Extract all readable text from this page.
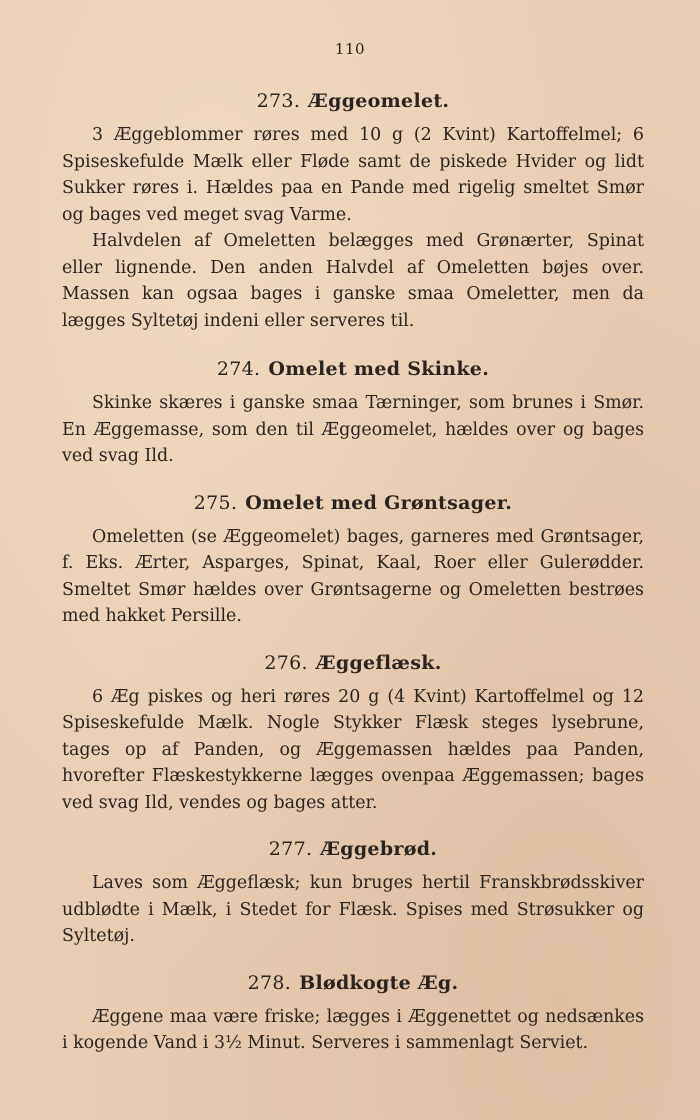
110
273. Æggeomelet.

3 Æggeblommer røres med 10 g (2 Kvint) Kartoffelmel; 6 Spiseskefulde Mælk eller Fløde samt de piskede Hvider og lidt Sukker røres i. Hældes paa en Pande med rigelig smeltet Smør og bages ved meget svag Varme.

Halvdelen af Omeletten belægges med Grønærter, Spinat eller lignende. Den anden Halvdel af Omeletten bøjes over. Massen kan ogsaa bages i ganske smaa Omeletter, men da lægges Syltetøj indeni eller serveres til.

274. Omelet med Skinke.

Skinke skæres i ganske smaa Tærninger, som brunes i Smør. En Æggemasse, som den til Æggeomelet, hældes over og bages ved svag Ild.

275. Omelet med Grøntsager.

Omeletten (se Æggeomelet) bages, garneres med Grøntsager, f. Eks. Ærter, Asparges, Spinat, Kaal, Roer eller Gulerødder. Smeltet Smør hældes over Grøntsagerne og Omeletten bestrøes med hakket Persille.

276. Æggeflæsk.

6 Æg piskes og heri røres 20 g (4 Kvint) Kartoffelmel og 12 Spiseskefulde Mælk. Nogle Stykker Flæsk steges lysebrune, tages op af Panden, og Æggemassen hældes paa Panden, hvorefter Flæskestykkerne lægges ovenpaa Æggemassen; bages ved svag Ild, vendes og bages atter.

277. Æggebrød.

Laves som Æggeflæsk; kun bruges hertil Franskbrødsskiver udblødte i Mælk, i Stedet for Flæsk. Spises med Strøsukker og Syltetøj.

278. Blødkogte Æg.

Æggene maa være friske; lægges i Æggenettet og nedsænkes i kogende Vand i 3½ Minut. Serveres i sammenlagt Serviet.
